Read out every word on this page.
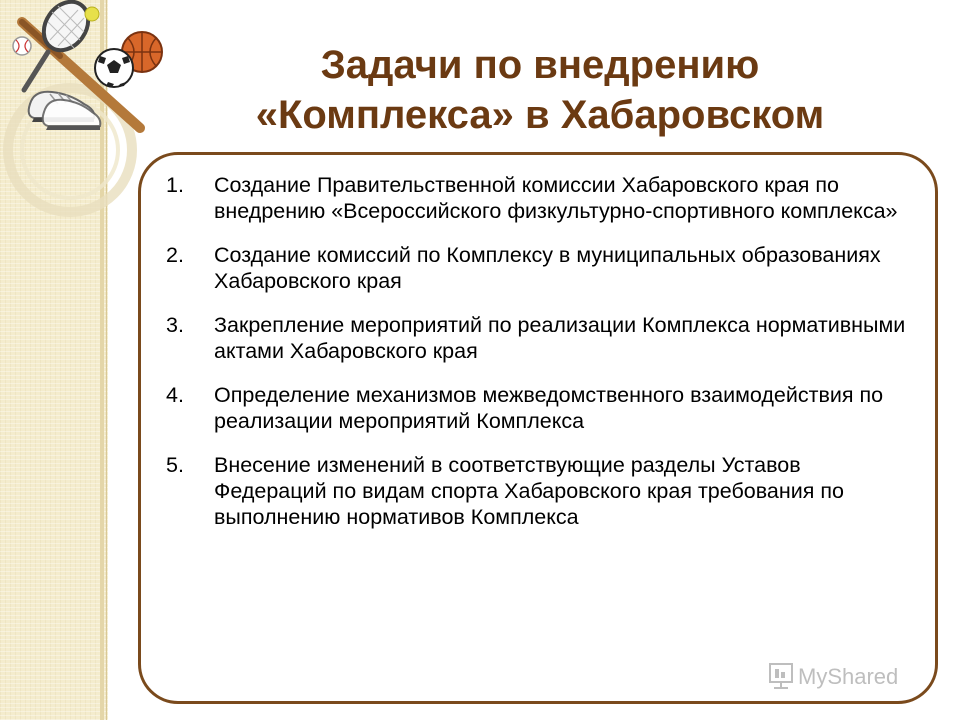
Задачи по внедрению
«Комплекса» в Хабаровском
1.	Создание Правительственной комиссии Хабаровского края по внедрению «Всероссийского физкультурно-спортивного комплекса»
2.	Создание комиссий по Комплексу в муниципальных образованиях Хабаровского края
3.	Закрепление мероприятий по реализации Комплекса нормативными актами Хабаровского края
4.	Определение механизмов межведомственного взаимодействия по реализации мероприятий Комплекса
5.	Внесение изменений в соответствующие разделы Уставов Федераций по видам спорта Хабаровского края требования по выполнению нормативов Комплекса
MyShared
